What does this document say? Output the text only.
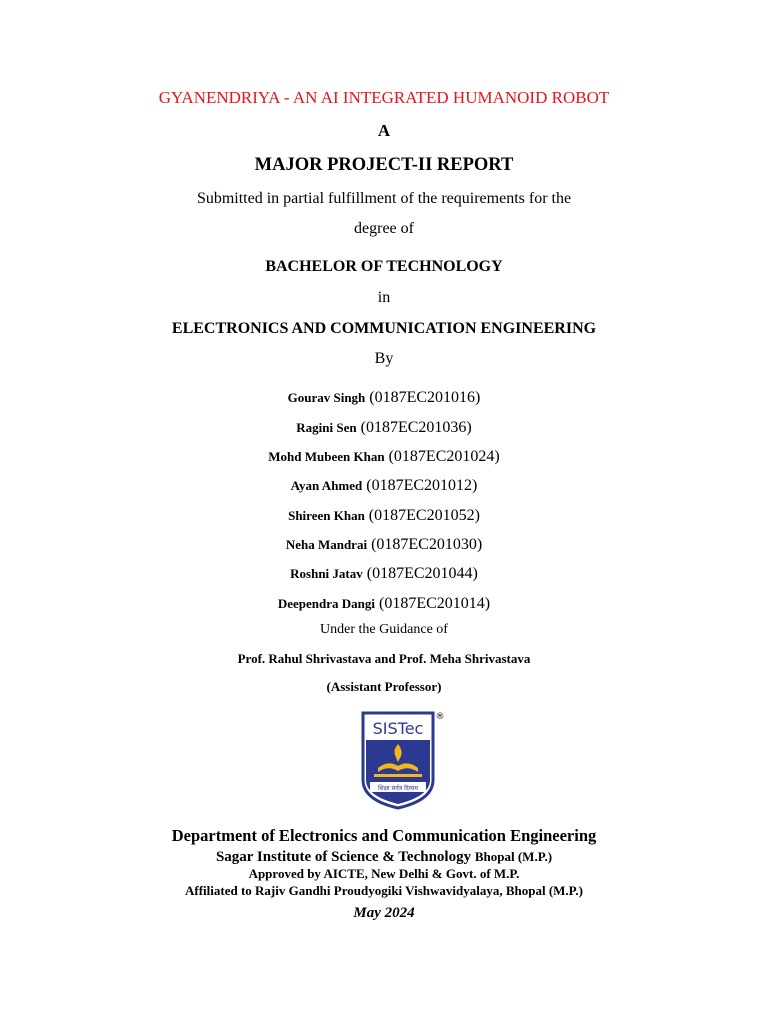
GYANENDRIYA - AN AI INTEGRATED HUMANOID ROBOT
A
MAJOR PROJECT-II REPORT
Submitted in partial fulfillment of the requirements for the
degree of
BACHELOR OF TECHNOLOGY
in
ELECTRONICS AND COMMUNICATION ENGINEERING
By
Gourav Singh (0187EC201016)
Ragini Sen (0187EC201036)
Mohd Mubeen Khan (0187EC201024)
Ayan Ahmed (0187EC201012)
Shireen Khan (0187EC201052)
Neha Mandrai (0187EC201030)
Roshni Jatav (0187EC201044)
Deependra Dangi (0187EC201014)
Under the Guidance of
Prof. Rahul Shrivastava and Prof. Meha Shrivastava
(Assistant Professor)
SISTec
शिक्षा सर्वत्र दिव्यम
®
Department of Electronics and Communication Engineering
Sagar Institute of Science & Technology Bhopal (M.P.)
Approved by AICTE, New Delhi & Govt. of M.P.
Affiliated to Rajiv Gandhi Proudyogiki Vishwavidyalaya, Bhopal (M.P.)
May 2024
